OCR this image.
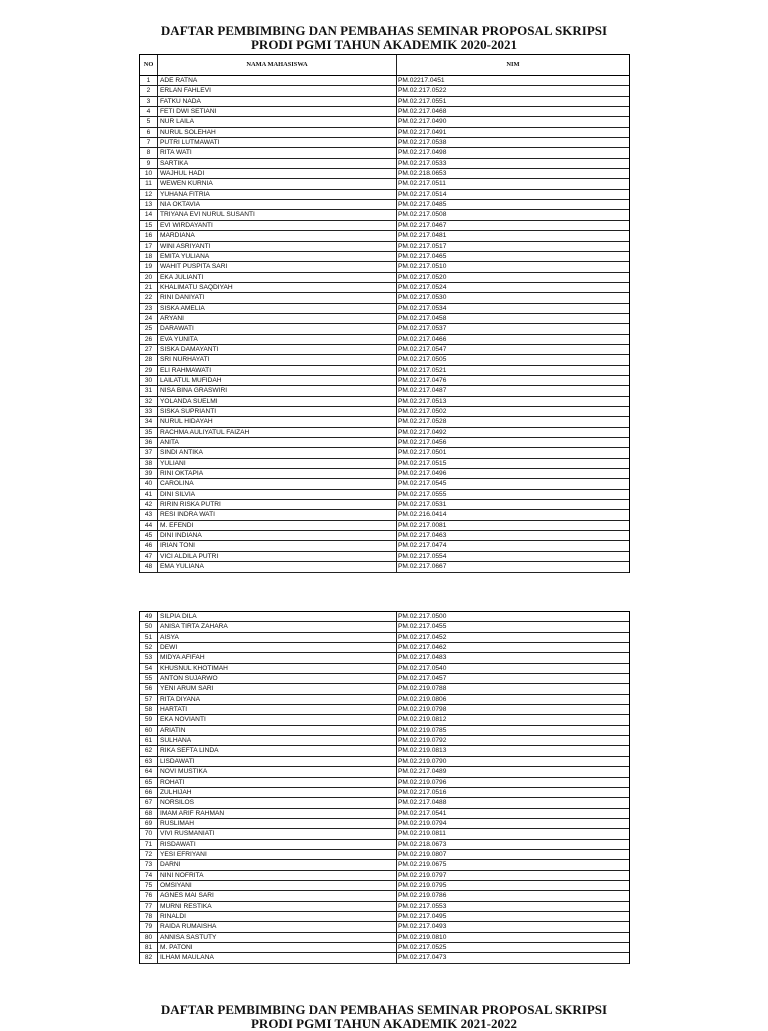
DAFTAR PEMBIMBING DAN PEMBAHAS SEMINAR PROPOSAL SKRIPSI
PRODI PGMI TAHUN AKADEMIK 2020-2021
NO	NAMA MAHASISWA	NIM
1	ADE RATNA	PM.02217.0451
2	ERLAN FAHLEVI	PM.02.217.0522
3	FATKU NADA	PM.02.217.0551
4	FETI DWI SETIANI	PM.02.217.0468
5	NUR LAILA	PM.02.217.0490
6	NURUL SOLEHAH	PM.02.217.0491
7	PUTRI LUTMAWATI	PM.02.217.0538
8	RITA WATI	PM.02.217.0498
9	SARTIKA	PM.02.217.0533
10	WAJHUL HADI	PM.02.218.0653
11	WEWEN KURNIA	PM.02.217.0511
12	YUHANA FITRIA	PM.02.217.0514
13	NIA OKTAVIA	PM.02.217.0485
14	TRIYANA EVI NURUL SUSANTI	PM.02.217.0508
15	EVI WIRDAYANTI	PM.02.217.0467
16	MARDIANA	PM.02.217.0481
17	WINI ASRIYANTI	PM.02.217.0517
18	EMITA YULIANA	PM.02.217.0465
19	WAHIT PUSPITA SARI	PM.02.217.0510
20	EKA JULIANTI	PM.02.217.0520
21	KHALIMATU SAQDIYAH	PM.02.217.0524
22	RINI DANIYATI	PM.02.217.0530
23	SISKA AMELIA	PM.02.217.0534
24	ARYANI	PM.02.217.0458
25	DARAWATI	PM.02.217.0537
26	EVA YUNITA	PM.02.217.0466
27	SISKA DAMAYANTI	PM.02.217.0547
28	SRI NURHAYATI	PM.02.217.0505
29	ELI RAHMAWATI	PM.02.217.0521
30	LAILATUL MUFIDAH	PM.02.217.0476
31	NISA BINA GRASWIRI	PM.02.217.0487
32	YOLANDA SUELMI	PM.02.217.0513
33	SISKA SUPRIANTI	PM.02.217.0502
34	NURUL HIDAYAH	PM.02.217.0528
35	RACHMA AULIYATUL FAIZAH	PM.02.217.0492
36	ANITA	PM.02.217.0456
37	SINDI ANTIKA	PM.02.217.0501
38	YULIANI	PM.02.217.0515
39	RINI OKTAPIA	PM.02.217.0496
40	CAROLINA	PM.02.217.0545
41	DINI SILVIA	PM.02.217.0555
42	RIRIN RISKA PUTRI	PM.02.217.0531
43	RESI INDRA WATI	PM.02.216.0414
44	M. EFENDI	PM.02.217.0081
45	DINI INDIANA	PM.02.217.0463
46	IRIAN TONI	PM.02.217.0474
47	VICI ALDILA PUTRI	PM.02.217.0554
48	EMA YULIANA	PM.02.217.0667
49	SILPIA DILA	PM.02.217.0500
50	ANISA TIRTA ZAHARA	PM.02.217.0455
51	AISYA	PM.02.217.0452
52	DEWI	PM.02.217.0462
53	MIDYA AFIFAH	PM.02.217.0483
54	KHUSNUL KHOTIMAH	PM.02.217.0540
55	ANTON SUJARWO	PM.02.217.0457
56	YENI ARUM SARI	PM.02.219.0788
57	RITA DIYANA	PM.02.219.0806
58	HARTATI	PM.02.219.0798
59	EKA NOVIANTI	PM.02.219.0812
60	ARIATIN	PM.02.219.0785
61	SULHANA	PM.02.219.0792
62	RIKA SEFTA LINDA	PM.02.219.0813
63	LISDAWATI	PM.02.219.0790
64	NOVI MUSTIKA	PM.02.217.0489
65	ROHATI	PM.02.219.0796
66	ZULHIJAH	PM.02.217.0516
67	NORSILOS	PM.02.217.0488
68	IMAM ARIF RAHMAN	PM.02.217.0541
69	RUSLIMAH	PM.02.219.0794
70	VIVI RUSMANIATI	PM.02.219.0811
71	RISDAWATI	PM.02.218.0673
72	YESI EFRIYANI	PM.02.219.0807
73	DARNI	PM.02.219.0675
74	NINI NOFRITA	PM.02.219.0797
75	OMSIYANI	PM.02.219.0795
76	AGNES MAI SARI	PM.02.219.0786
77	MURNI RESTIKA	PM.02.217.0553
78	RINALDI	PM.02.217.0495
79	RAIDA RUMAISHA	PM.02.217.0493
80	ANNISA SASTUTY	PM.02.219.0810
81	M. PATONI	PM.02.217.0525
82	ILHAM MAULANA	PM.02.217.0473
DAFTAR PEMBIMBING DAN PEMBAHAS SEMINAR PROPOSAL SKRIPSI
PRODI PGMI TAHUN AKADEMIK 2021-2022
